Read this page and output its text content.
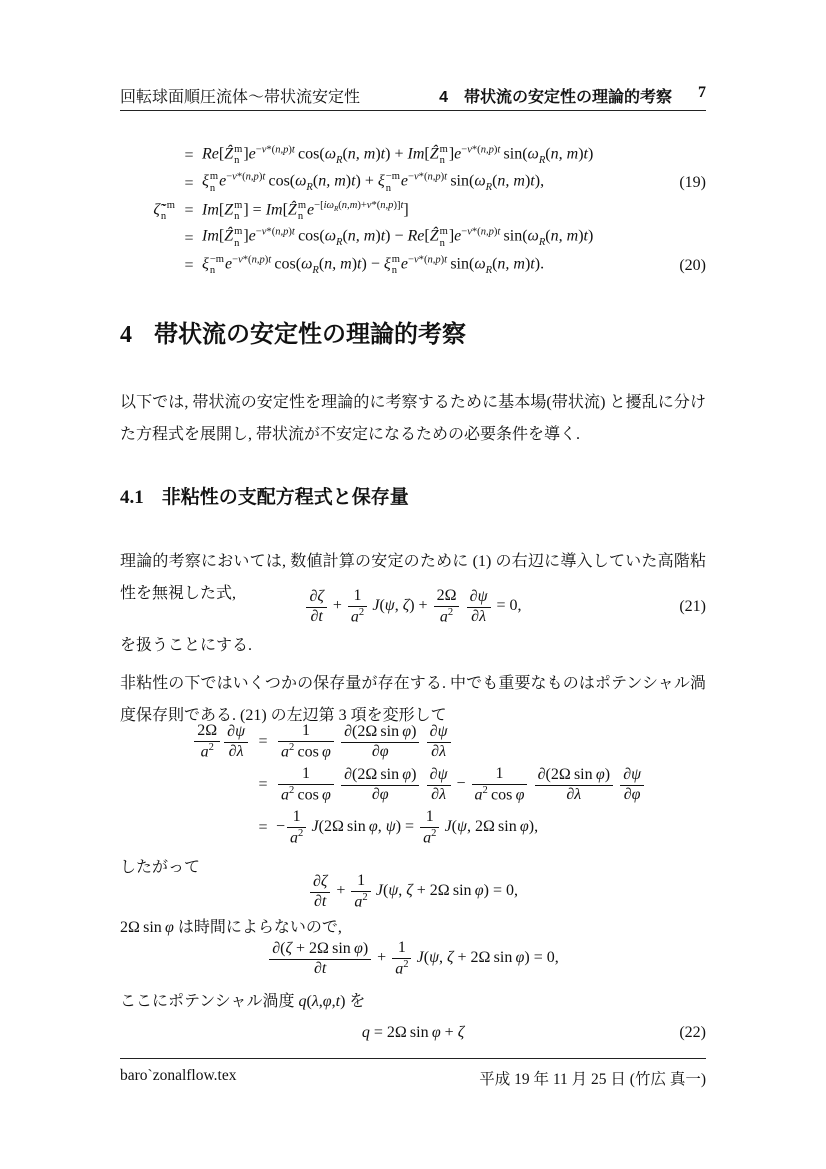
回転球面順圧流体〜帯状流安定性	4　帯状流の安定性の理論的考察 7
= Re[Ẑ m
n ]$e^{-\nu*(n,p)t}$ $\cos(\omega_R(n$, m)t) + Im[Ẑ m
n ]$e^{-\nu*(n,p)t}$ $\sin(\omega_R(n$, m)t)
= ξ m
n $e^{-\nu*(n,p)t}$ $\cos(\omega_R(n$, m)t) + ξ −m
n $e^{-\nu*(n,p)t}$ $\sin(\omega_R(n$, m)t),	(19)
ζ̃ −m
n	= Im[Z m
n ] = Im[Ẑ m
n $e^{-[i\omega_R(n,m)+\nu*(n,p)]t}$]
= Im[Ẑ m
n ]$e^{-\nu*(n,p)t}$ $\cos(\omega_R(n$, m)t) − Re[Ẑ m
n ]$e^{-\nu*(n,p)t}$ $\sin(\omega_R(n$, m)t)
= ξ −m
n $e^{-\nu*(n,p)t}$ $\cos(\omega_R(n$, m)t) − ξ m
n $e^{-\nu*(n,p)t}$ $\sin(\omega_R(n$, m)t).	(20)
4 帯状流の安定性の理論的考察
以下では, 帯状流の安定性を理論的に考察するために基本場(帯状流) と擾乱に分けた方程式を展開し, 帯状流が不安定になるための必要条件を導く.
4.1 非粘性の支配方程式と保存量
理論的考察においては, 数値計算の安定のために (1) の右辺に導入していた高階粘性を無視した式,	$\frac{\partial\zeta}{\partial t} + \frac{1}{a^2}$
  J(ψ, $\zeta) + \frac{2\Omega}{a^2}$
  $\frac{\partial\psi}{\partial\lambda} = 0$,	(21)
を扱うことにする.
非粘性の下ではいくつかの保存量が存在する. 中でも重要なものはポテンシャル渦度保存則である. (21) の左辺第 3 項を変形して
$\frac{2\Omega}{a^2} \frac{\partial\psi}{\partial\lambda} = \frac{1}{a^2 \cos \varphi}$
  $\frac{\text{∂(2Ω sin φ)}}{\partial\varphi}$
  $\frac{\partial\psi}{\partial\lambda}$
= $\frac{1}{a^2 \cos \varphi}$
  $\frac{\text{∂(2Ω sin φ)}}{\partial\varphi}$
  $\frac{\partial\psi}{\partial\lambda} - \frac{1}{a^2 \cos \varphi}$
  $\frac{\text{∂(2Ω sin φ)}}{\partial\lambda}$
  $\frac{\partial\psi}{\partial\varphi}$
= − $\frac{1}{a^2}$
  J(2Ω sin φ, $\psi) = \frac{1}{a^2}$
  J(ψ, 2Ω sin φ),
したがって
$\frac{\partial\zeta}{\partial t} + \frac{1}{a^2}$
  J(ψ, ζ + 2Ω sin φ) = 0,
2Ω sin φ は時間によらないので,
$\frac{\text{∂(ζ + 2Ω sin φ)}}{\partial t} + \frac{1}{a^2}$
  J(ψ, ζ + 2Ω sin φ) = 0,
ここにポテンシャル渦度 q(λ,φ,t) を
q = 2Ω sin φ + ζ	(22)
baro`zonalflow.tex	平成 19 年 11 月 25 日 (竹広 真一)
